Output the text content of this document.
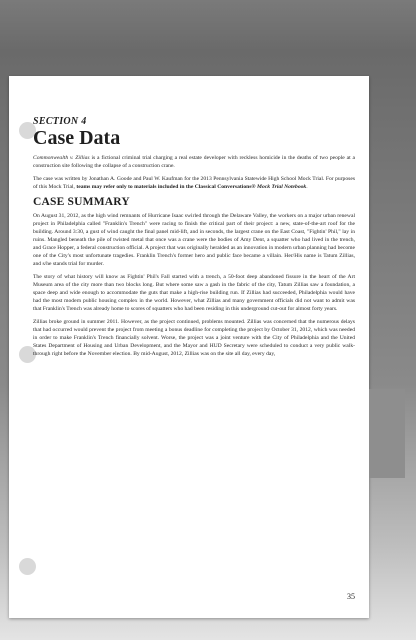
SECTION 4
Case Data

Commonwealth v. Zillias is a fictional criminal trial charging a real estate developer with reckless homicide in the deaths of two people at a construction site following the collapse of a construction crane.

The case was written by Jonathan A. Goode and Paul W. Kaufman for the 2013 Pennsylvania Statewide High School Mock Trial. For purposes of this Mock Trial, teams may refer only to materials included in the Classical Conversations® Mock Trial Notebook.

CASE SUMMARY

On August 31, 2012, as the high wind remnants of Hurricane Isaac swirled through the Delaware Valley, the workers on a major urban renewal project in Philadelphia called "Franklin's Trench" were racing to finish the critical part of their project: a new, state-of-the-art roof for the building. Around 3:30, a gust of wind caught the final panel mid-lift, and in seconds, the largest crane on the East Coast, "Fightin' Phil," lay in ruins. Mangled beneath the pile of twisted metal that once was a crane were the bodies of Amy Dent, a squatter who had lived in the trench, and Grace Hopper, a federal construction official. A project that was originally heralded as an innovation in modern urban planning had become one of the City's most unfortunate tragedies. Franklin Trench's former hero and public face became a villain. Her/His name is Tatum Zillias, and s/he stands trial for murder.

The story of what history will know as Fightin' Phil's Fall started with a trench, a 50-foot deep abandoned fissure in the heart of the Art Museum area of the city more than two blocks long. But where some saw a gash in the fabric of the city, Tatum Zillias saw a foundation, a space deep and wide enough to accommodate the guts that make a high-rise building run. If Zillias had succeeded, Philadelphia would have had the most modern public housing complex in the world. However, what Zillias and many government officials did not want to admit was that Franklin's Trench was already home to scores of squatters who had been residing in this underground cut-out for almost forty years.

Zillias broke ground in summer 2011. However, as the project continued, problems mounted. Zillias was concerned that the numerous delays that had occurred would prevent the project from meeting a bonus deadline for completing the project by October 31, 2012, which was needed in order to make Franklin's Trench financially solvent. Worse, the project was a joint venture with the City of Philadelphia and the United States Department of Housing and Urban Development, and the Mayor and HUD Secretary were scheduled to conduct a very public walk-through right before the November election. By mid-August, 2012, Zillias was on the site all day, every day,

35
